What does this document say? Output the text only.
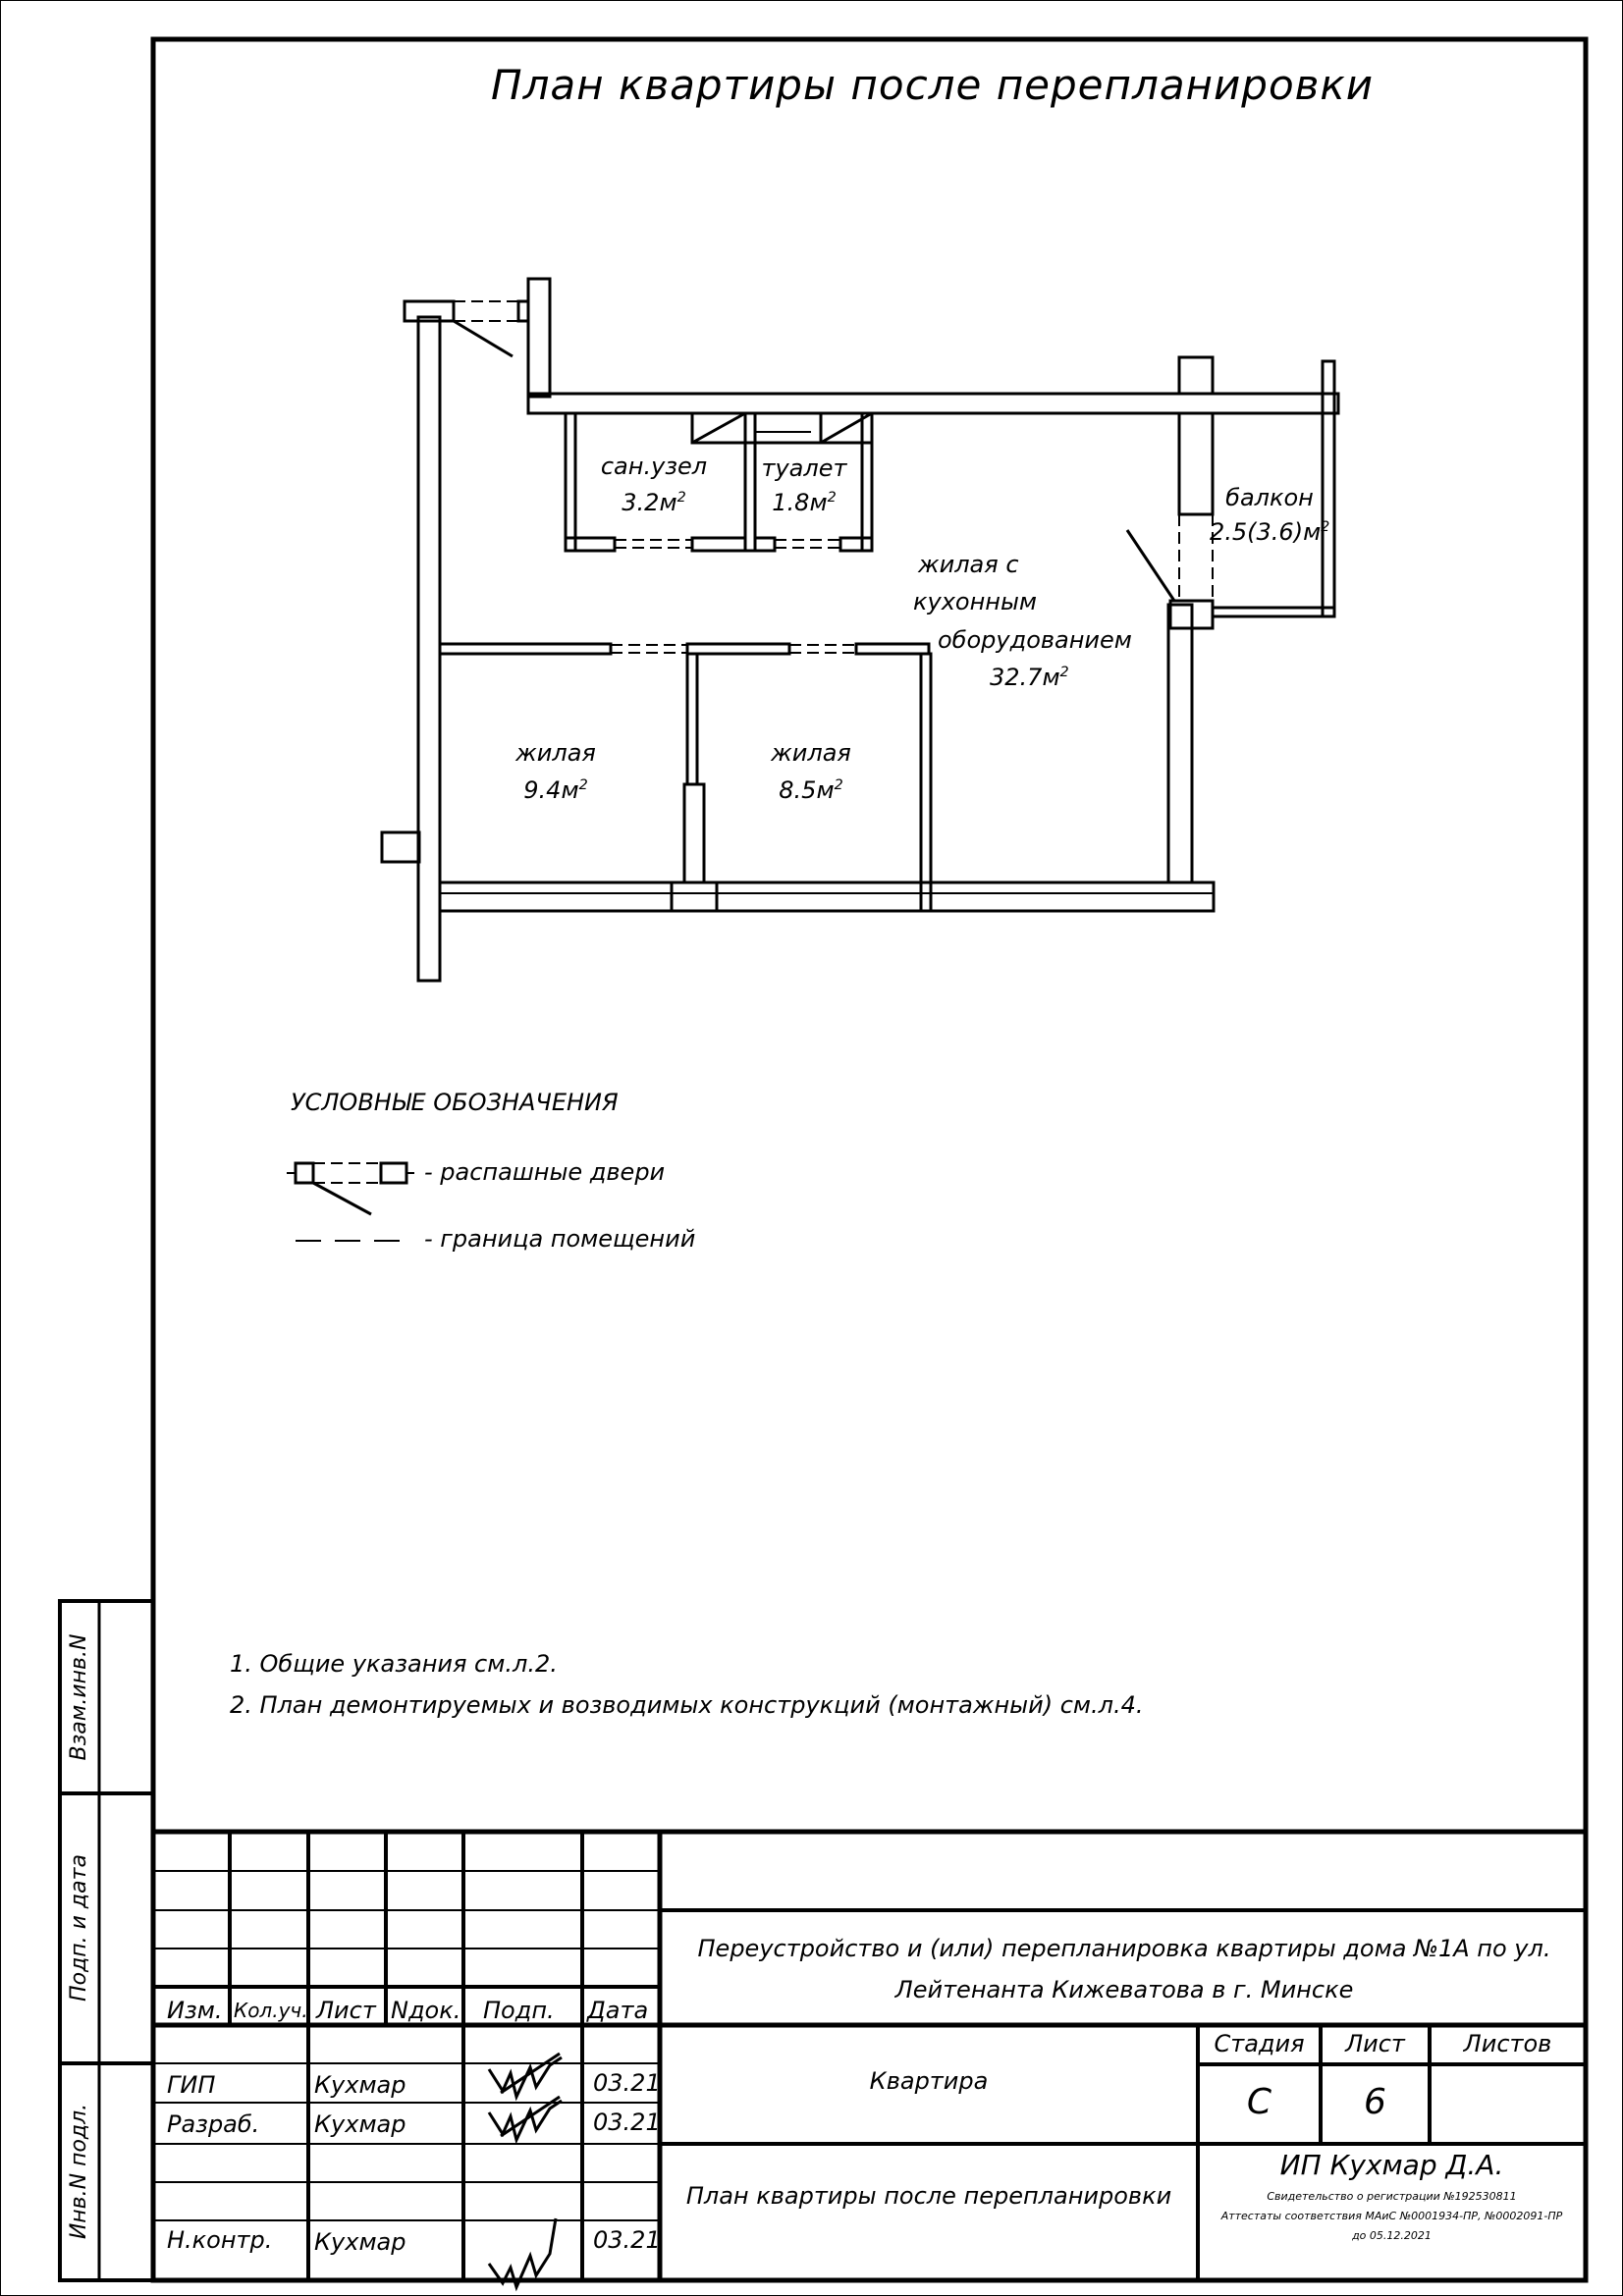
План квартиры после перепланировки
сан.узел
$3.2м^2$
туалет
$1.8м^2$	балкон
$2.5(3.6)м^2$
жилая с
кухонным
оборудованием
$32.7м^2$
жилая
$9.4м^2$
жилая
$8.5м^2$
УСЛОВНЫЕ ОБОЗНАЧЕНИЯ
- распашные двери
- граница помещений
1. Общие указания см.л.2.
2. План демонтируемых и возводимых конструкций (монтажный) см.л.4.
Взам.инв.N
Подп. и дата
Инв.N подл.
Изм. Кол.уч. Лист Nдок. Подп. Дата
ГИП	Кухмар	03.21
Разраб. Кухмар	03.21
Н.контр. Кухмар	03.21
Переустройство и (или) перепланировка квартиры дома №1А по ул.
Лейтенанта Кижеватова в г. Минске
Квартира
План квартиры после перепланировки
Стадия	Лист	Листов
С	6
ИП Кухмар Д.А.
Свидетельство о регистрации №192530811
Аттестаты соответствия МАиС №0001934-ПР, №0002091-ПР
до 05.12.2021
